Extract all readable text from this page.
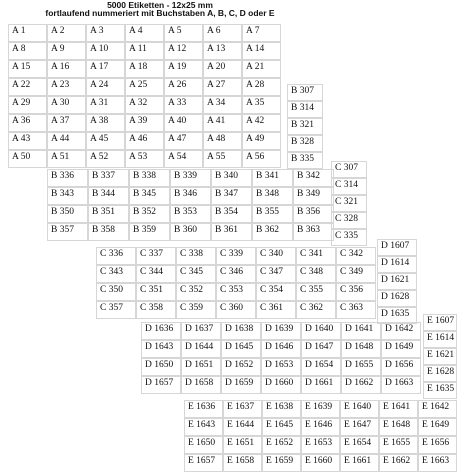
5000 Etiketten - 12x25 mm
fortlaufend nummeriert mit Buchstaben A, B, C, D oder E
A 1	A 2	A 3	A 4	A 5	A 6	A 7
A 8	A 9	A 10	A 11	A 12	A 13	A 14
A 15	A 16	A 17	A 18	A 19	A 20	A 21
A 22	A 23	A 24	A 25	A 26	A 27	A 28
A 29	A 30	A 31	A 32	A 33	A 34	A 35
A 36	A 37	A 38	A 39	A 40	A 41	A 42
A 43	A 44	A 45	A 46	A 47	A 48	A 49
A 50	A 51	A 52	A 53	A 54	A 55	A 56
B 307
B 314
B 321
B 328
B 335
B 336	B 337	B 338	B 339	B 340	B 341	B 342
B 343	B 344	B 345	B 346	B 347	B 348	B 349
B 350	B 351	B 352	B 353	B 354	B 355	B 356
B 357	B 358	B 359	B 360	B 361	B 362	B 363
C 307
C 314
C 321
C 328
C 335
C 336	C 337	C 338	C 339	C 340	C 341	C 342
C 343	C 344	C 345	C 346	C 347	C 348	C 349
C 350	C 351	C 352	C 353	C 354	C 355	C 356
C 357	C 358	C 359	C 360	C 361	C 362	C 363
D 1607
D 1614
D 1621
D 1628
D 1635
D 1636	D 1637	D 1638	D 1639	D 1640	D 1641	D 1642
D 1643	D 1644	D 1645	D 1646	D 1647	D 1648	D 1649
D 1650	D 1651	D 1652	D 1653	D 1654	D 1655	D 1656
D 1657	D 1658	D 1659	D 1660	D 1661	D 1662	D 1663
E 1607
E 1614
E 1621
E 1628
E 1635
E 1636	E 1637	E 1638	E 1639	E 1640	E 1641	E 1642
E 1643	E 1644	E 1645	E 1646	E 1647	E 1648	E 1649
E 1650	E 1651	E 1652	E 1653	E 1654	E 1655	E 1656
E 1657	E 1658	E 1659	E 1660	E 1661	E 1662	E 1663
